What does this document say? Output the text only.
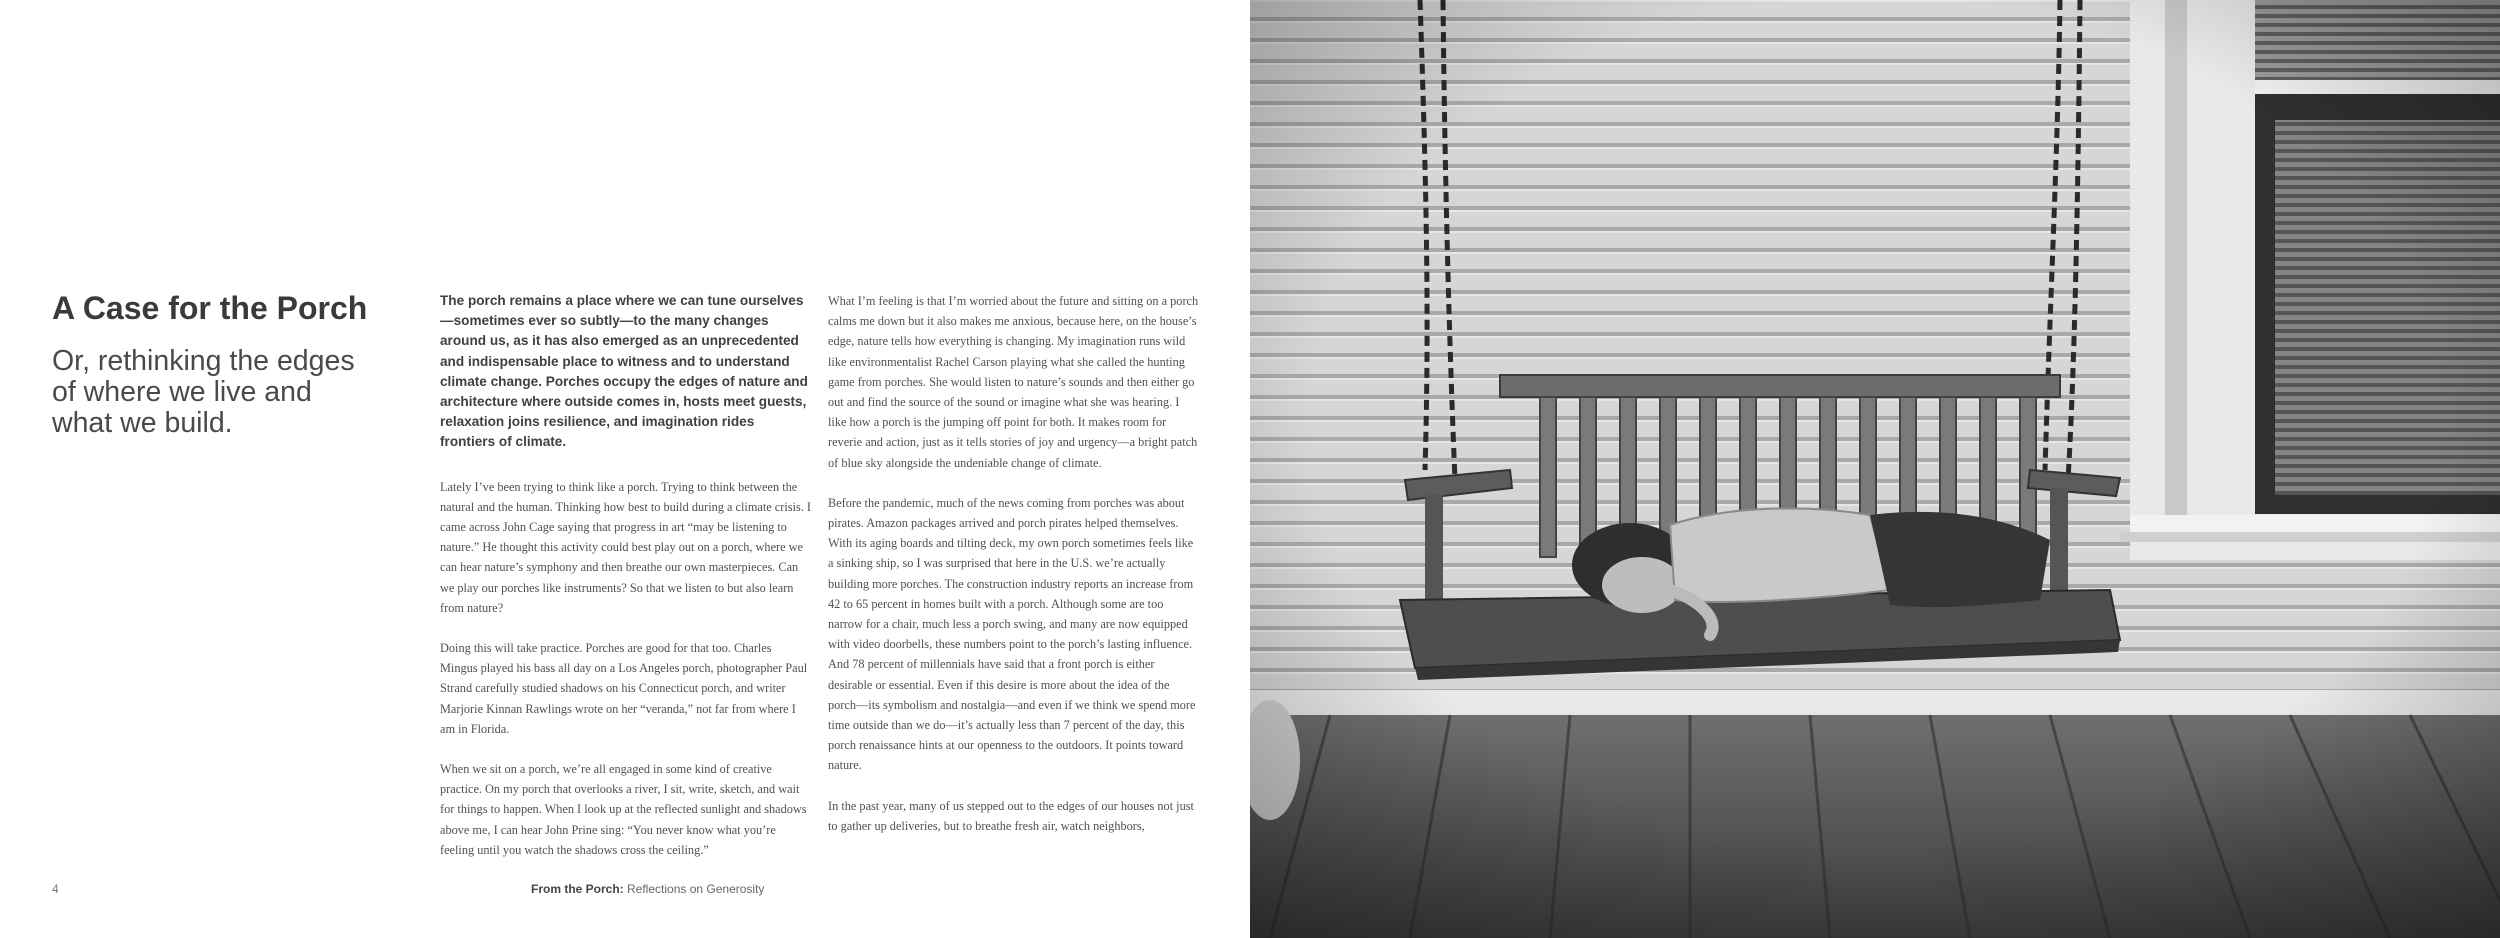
A Case for the Porch
Or, rethinking the edges of where we live and what we build.

The porch remains a place where we can tune ourselves —sometimes ever so subtly—to the many changes around us, as it has also emerged as an unprecedented and indispensable place to witness and to understand climate change. Porches occupy the edges of nature and architecture where outside comes in, hosts meet guests, relaxation joins resilience, and imagination rides frontiers of climate.

Lately I’ve been trying to think like a porch. Trying to think between the natural and the human. Thinking how best to build during a climate crisis. I came across John Cage saying that progress in art “may be listening to nature.” He thought this activity could best play out on a porch, where we can hear nature’s symphony and then breathe our own masterpieces. Can we play our porches like instruments? So that we listen to but also learn from nature?

Doing this will take practice. Porches are good for that too. Charles Mingus played his bass all day on a Los Angeles porch, photographer Paul Strand carefully studied shadows on his Connecticut porch, and writer Marjorie Kinnan Rawlings wrote on her “veranda,” not far from where I am in Florida.

When we sit on a porch, we’re all engaged in some kind of creative practice. On my porch that overlooks a river, I sit, write, sketch, and wait for things to happen. When I look up at the reflected sunlight and shadows above me, I can hear John Prine sing: “You never know what you’re feeling until you watch the shadows cross the ceiling.”

What I’m feeling is that I’m worried about the future and sitting on a porch calms me down but it also makes me anxious, because here, on the house’s edge, nature tells how everything is changing. My imagination runs wild like environmentalist Rachel Carson playing what she called the hunting game from porches. She would listen to nature’s sounds and then either go out and find the source of the sound or imagine what she was hearing. I like how a porch is the jumping off point for both. It makes room for reverie and action, just as it tells stories of joy and urgency—a bright patch of blue sky alongside the undeniable change of climate.

Before the pandemic, much of the news coming from porches was about pirates. Amazon packages arrived and porch pirates helped themselves. With its aging boards and tilting deck, my own porch sometimes feels like a sinking ship, so I was surprised that here in the U.S. we’re actually building more porches. The construction industry reports an increase from 42 to 65 percent in homes built with a porch. Although some are too narrow for a chair, much less a porch swing, and many are now equipped with video doorbells, these numbers point to the porch’s lasting influence. And 78 percent of millennials have said that a front porch is either desirable or essential. Even if this desire is more about the idea of the porch—its symbolism and nostalgia—and even if we think we spend more time outside than we do—it’s actually less than 7 percent of the day, this porch renaissance hints at our openness to the outdoors. It points toward nature.

In the past year, many of us stepped out to the edges of our houses not just to gather up deliveries, but to breathe fresh air, watch neighbors,

4	From the Porch: Reflections on Generosity
